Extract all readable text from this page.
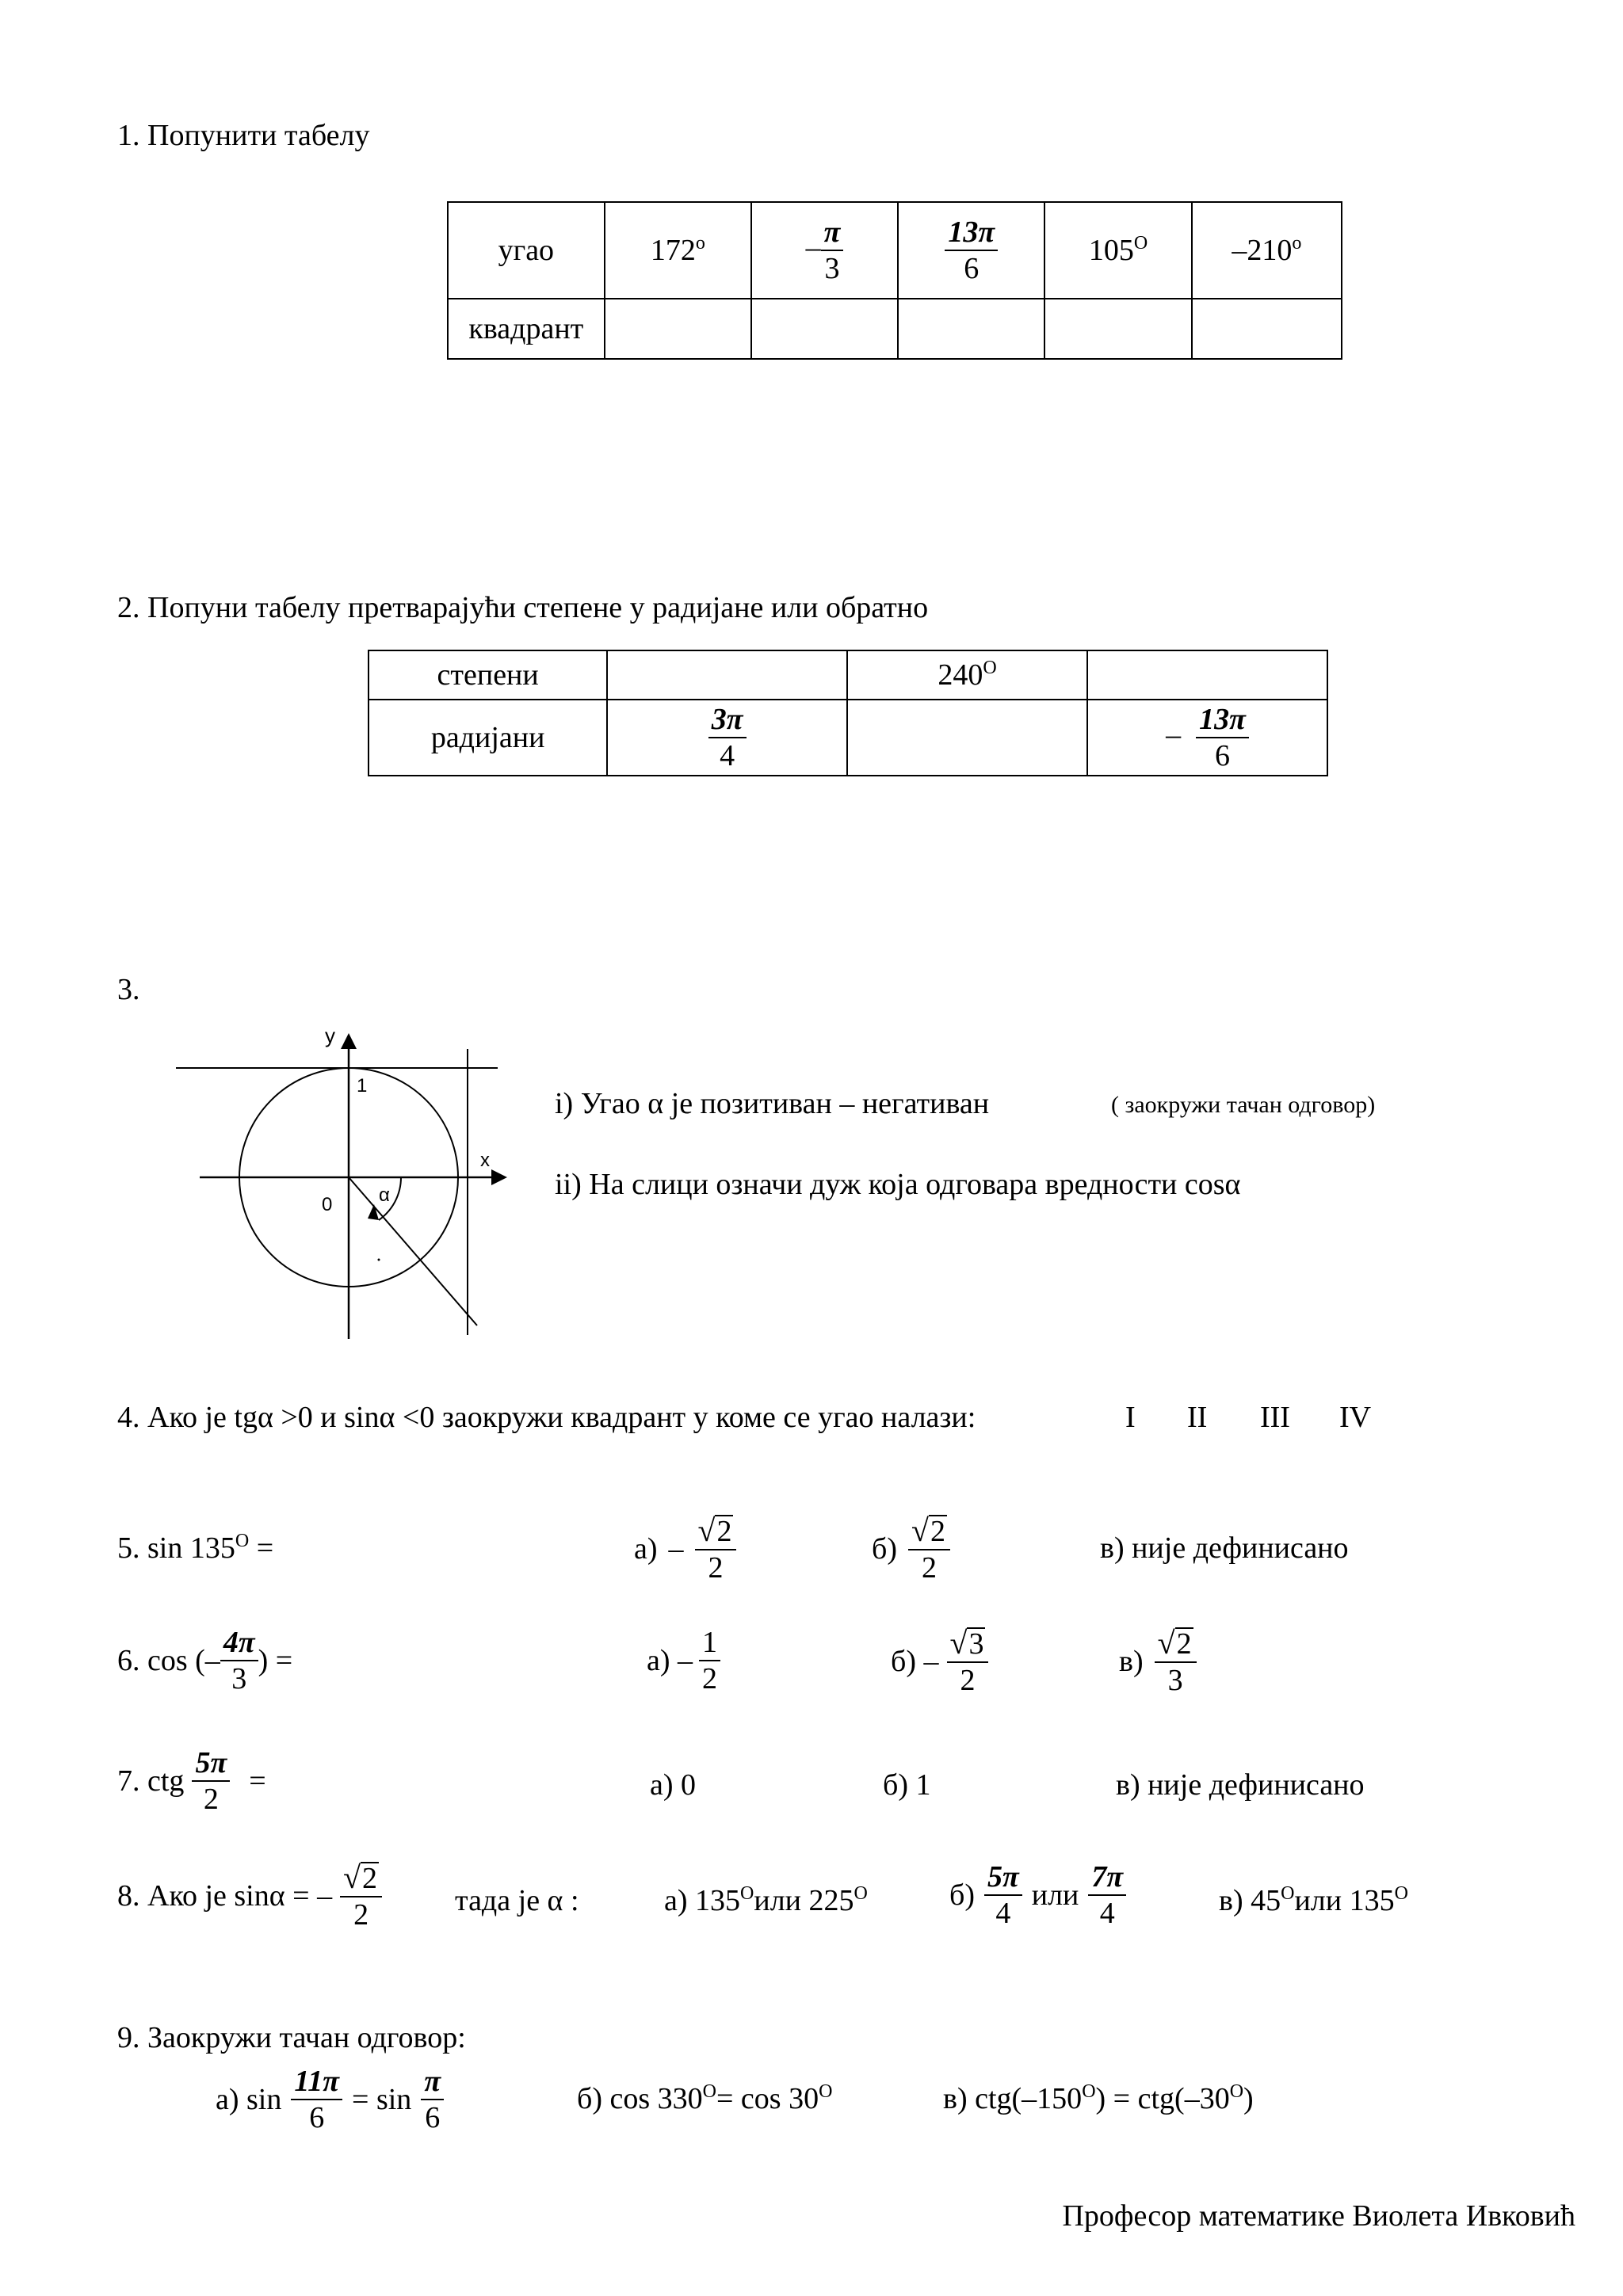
1. Попунити табелу
угао	172$^o$	– $\frac{\pi}{3}$	$\frac{13\pi}{6}$	$105^O$	–210$^o$
квадрант					
2. Попуни табелу претварајући степене у радијане или обратно
степени		$240^O$	
радијани	$\frac{3\pi}{4}$		– $\frac{13\pi}{6}$
3.
y
1
x
0 α
i) Угао α је позитиван – негативан	( заокружи тачан одговор)
ii) На слици означи дуж која одговара вредности cosα
4. Ако је tgα >0 и sinα <0 заокружи квадрант у коме се угао налази:	I II III IV
5. $\sin 135^O$ =	$а) - \frac{√ 2}{2}$	$б) \frac{√ 2}{2}$	в) није дефинисано
6. cos (– $\frac{4\pi}{3}$ ) =	$а) - \frac{1}{2}$	$б) - \frac{√ 3}{2}$	$в) \frac{√ 2}{3}$
7. ctg $\frac{5\pi}{2}$ =	а) 0	б) 1	в) није дефинисано
8. Ако је sinα = – $\frac{√ 2}{2}$ тада је α :	а) $135^Oили$ $225^O$	$б) \frac{5\pi}{4}$ или $\frac{7\pi}{4}$	в) $45^Oили$ $135^O$
9. Заокружи тачан одговор:
а) $\sin \frac{11\pi}{6} = \sin \frac{\pi}{6}$	б) $\cos 330^O= \cos 30^O$	в) $ctg(-150^O) = ctg(-30^O)$
Професор математике Виолета Ивковић
